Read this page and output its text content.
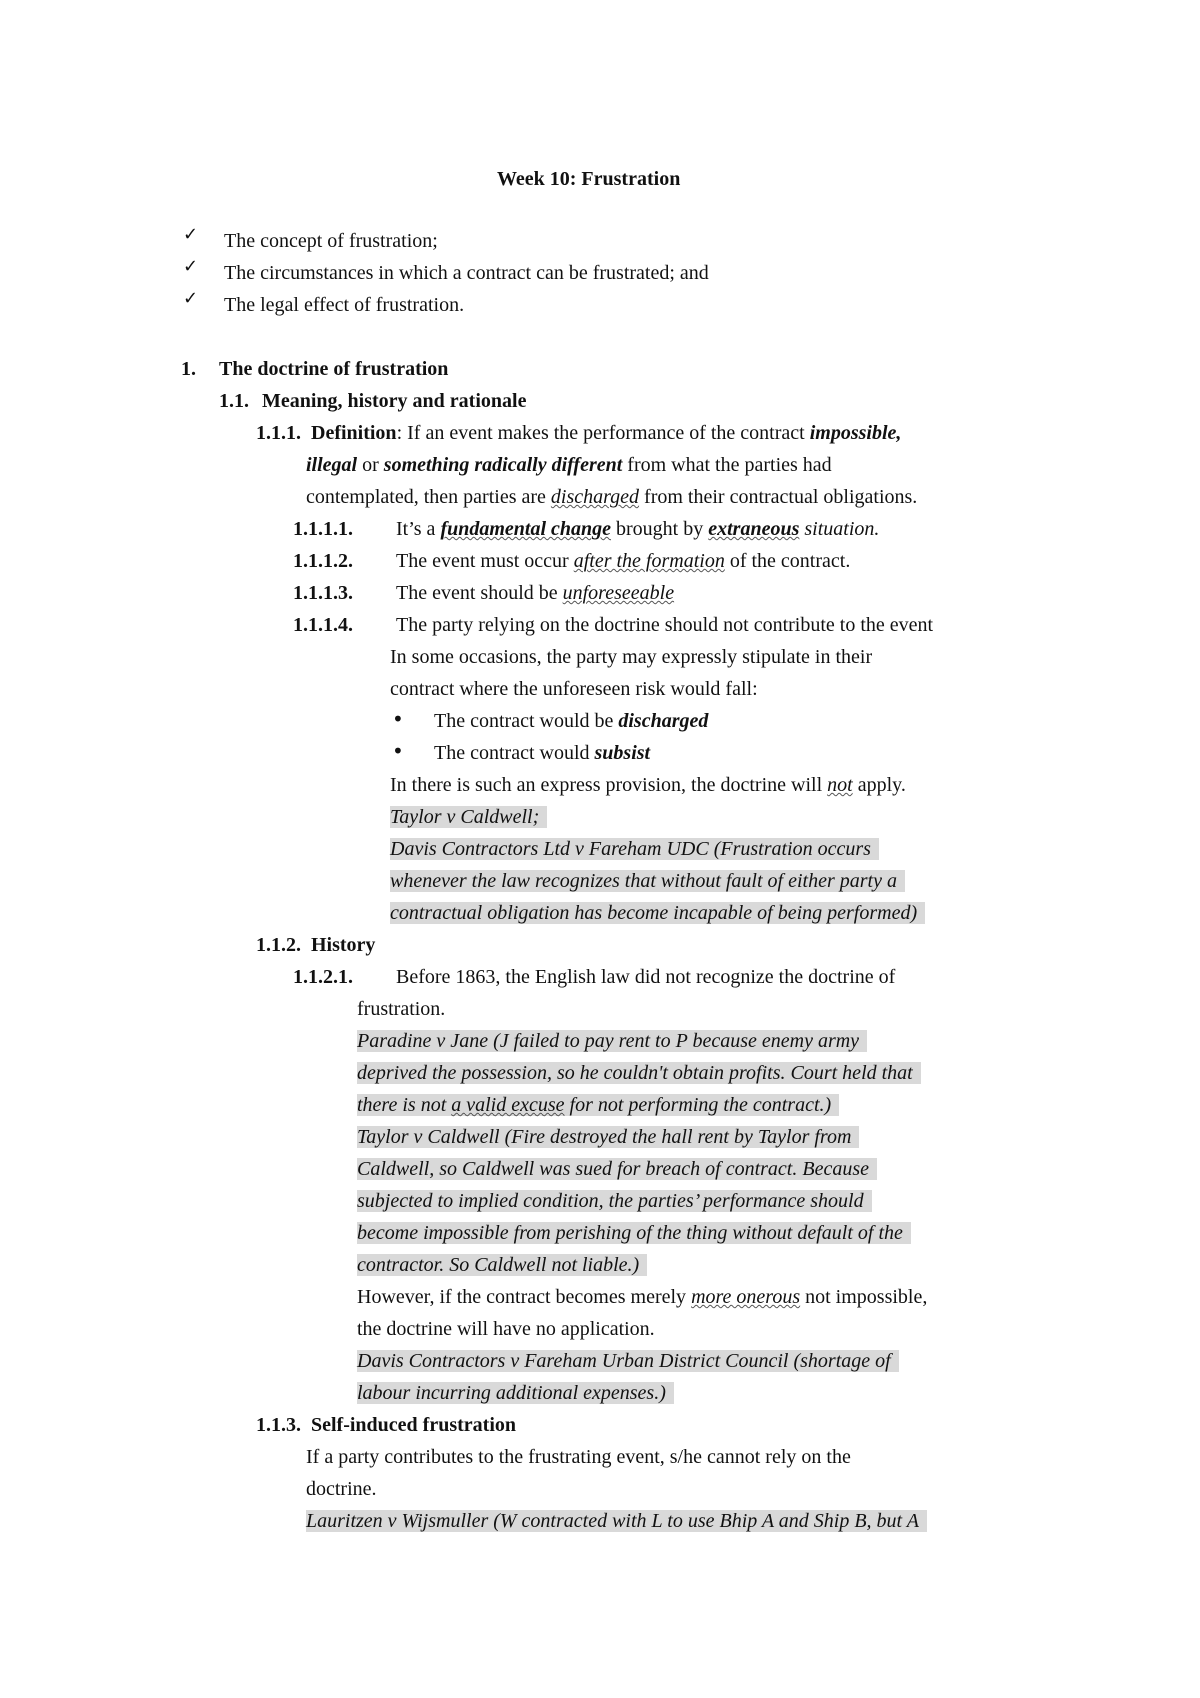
Week 10: Frustration
✓ The concept of frustration;
✓ The circumstances in which a contract can be frustrated; and
✓ The legal effect of frustration.
1. The doctrine of frustration
1.1. Meaning, history and rationale
1.1.1. Definition: If an event makes the performance of the contract impossible,
illegal or something radically different from what the parties had
contemplated, then parties are discharged from their contractual obligations.
1.1.1.1. It’s a fundamental change brought by extraneous situation.
1.1.1.2. The event must occur after the formation of the contract.
1.1.1.3. The event should be unforeseeable
1.1.1.4. The party relying on the doctrine should not contribute to the event
In some occasions, the party may expressly stipulate in their
contract where the unforeseen risk would fall:
• The contract would be discharged
• The contract would subsist
In there is such an express provision, the doctrine will not apply.
Taylor v Caldwell;
Davis Contractors Ltd v Fareham UDC (Frustration occurs
whenever the law recognizes that without fault of either party a
contractual obligation has become incapable of being performed)
1.1.2. History
1.1.2.1. Before 1863, the English law did not recognize the doctrine of
frustration.
Paradine v Jane (J failed to pay rent to P because enemy army
deprived the possession, so he couldn't obtain profits. Court held that
there is not a valid excuse for not performing the contract.)
Taylor v Caldwell (Fire destroyed the hall rent by Taylor from
Caldwell, so Caldwell was sued for breach of contract. Because
subjected to implied condition, the parties’ performance should
become impossible from perishing of the thing without default of the
contractor. So Caldwell not liable.)
However, if the contract becomes merely more onerous not impossible,
the doctrine will have no application.
Davis Contractors v Fareham Urban District Council (shortage of
labour incurring additional expenses.)
1.1.3. Self-induced frustration
If a party contributes to the frustrating event, s/he cannot rely on the
doctrine.
Lauritzen v Wijsmuller (W contracted with L to use Bhip A and Ship B, but A
